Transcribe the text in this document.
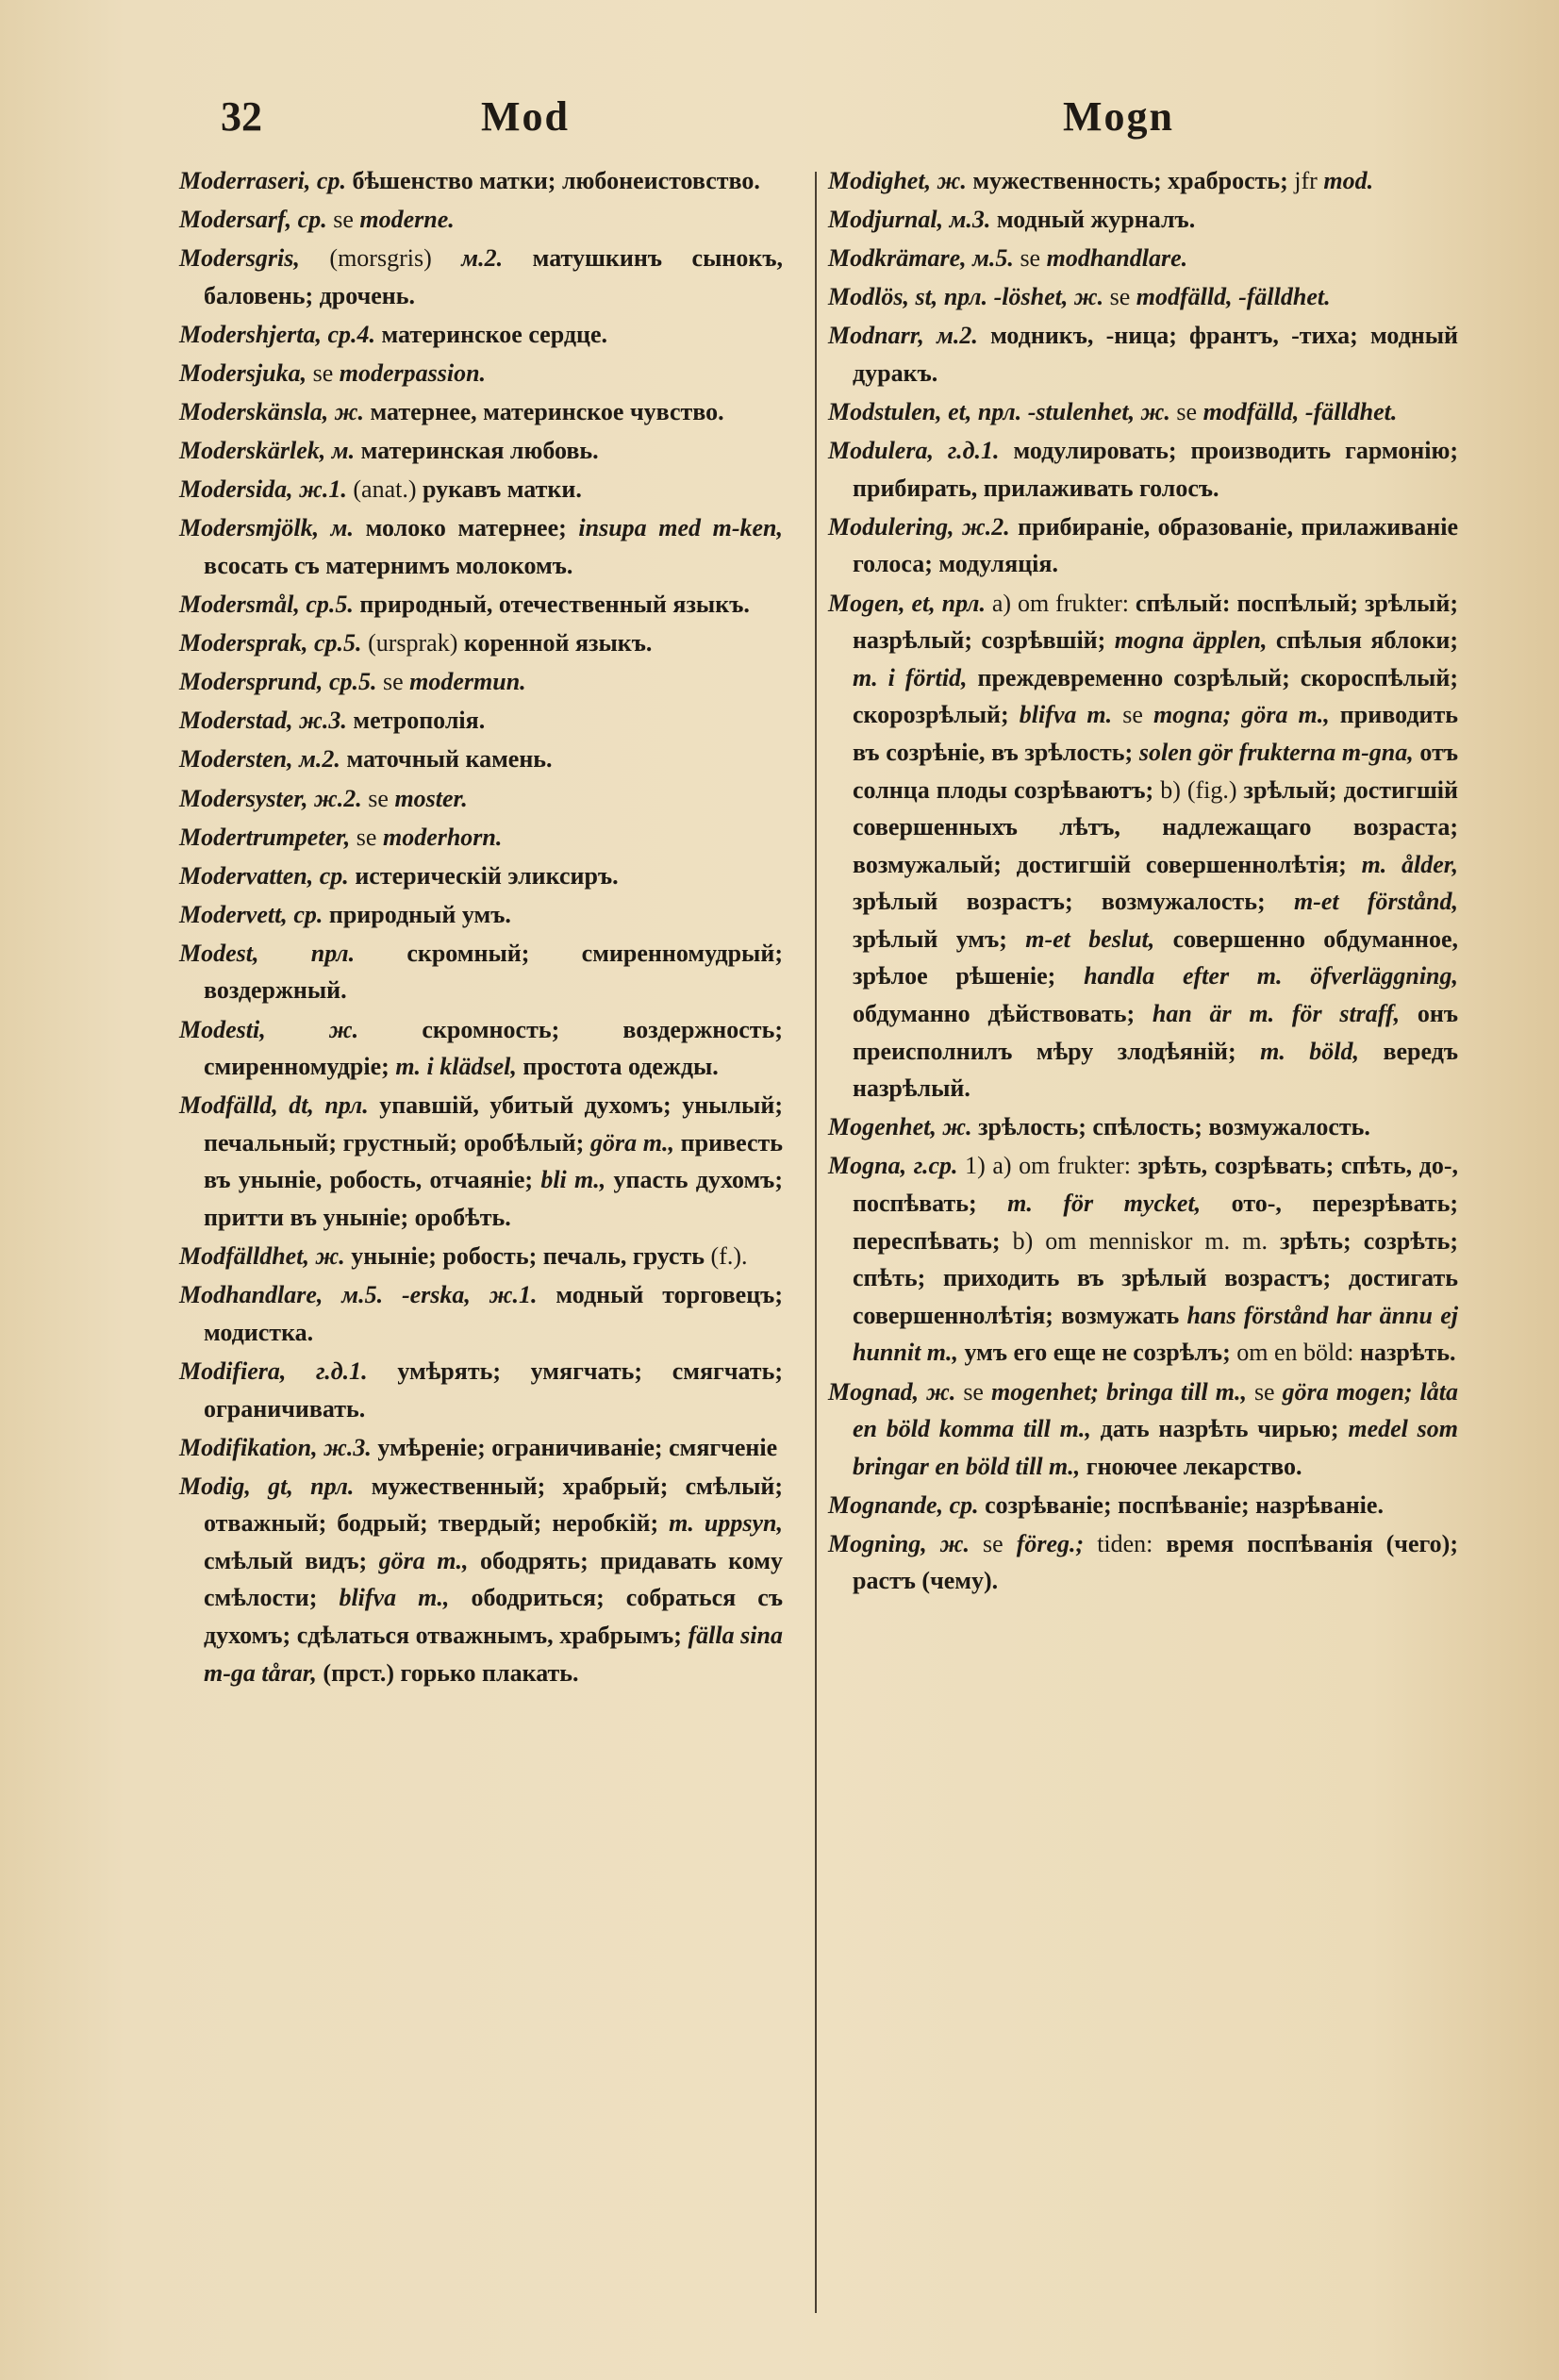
32	Mod	Mogn

Moderraseri, ср. бѣшенство матки; любонеистовство.

Modersarf, ср. se moderne.

Modersgris, (morsgris) м.2. матушкинъ сынокъ, баловень; дрочень.

Modershjerta, ср.4. материнское сердце.

Modersjuka, se moderpassion.

Moderskänsla, ж. матернее, материнское чувство.

Moderskärlek, м. материнская любовь.

Modersida, ж.1. (anat.) рукавъ матки.

Modersmjölk, м. молоко матернее; insupa med m-ken, всосать съ матернимъ молокомъ.

Modersmål, ср.5. природный, отечественный языкъ.

Modersprak, ср.5. (ursprak) коренной языкъ.

Modersprund, ср.5. se modermun.

Moderstad, ж.3. метрополія.

Modersten, м.2. маточный камень.

Modersyster, ж.2. se moster.

Modertrumpeter, se moderhorn.

Modervatten, ср. истерическій эликсиръ.

Modervett, ср. природный умъ.

Modest, прл. скромный; смиренномудрый; воздержный.

Modesti, ж. скромность; воздержность; смиренномудріе; m. i klädsel, простота одежды.

Modfälld, dt, прл. упавшій, убитый духомъ; унылый; печальный; грустный; оробѣлый; göra m., привесть въ уныніе, робость, отчаяніе; bli m., упасть духомъ; притти въ уныніе; оробѣть.

Modfälldhet, ж. уныніе; робость; печаль, грусть (f.).

Modhandlare, м.5. -erska, ж.1. модный торговецъ; модистка.

Modifiera, г.д.1. умѣрять; умягчать; смягчать; ограничивать.

Modifikation, ж.3. умѣреніе; ограничиваніе; смягченіе

Modig, gt, прл. мужественный; храбрый; смѣлый; отважный; бодрый; твердый; неробкій; m. uppsyn, смѣлый видъ; göra m., ободрять; придавать кому смѣлости; blifva m., ободриться; собраться съ духомъ; сдѣлаться отважнымъ, храбрымъ; fälla sina m-ga tårar, (прст.) горько плакать.

Modighet, ж. мужественность; храбрость; jfr mod.

Modjurnal, м.3. модный журналъ.

Modkrämare, м.5. se modhandlare.

Modlös, st, прл. -löshet, ж. se modfälld, -fälldhet.

Modnarr, м.2. модникъ, -ница; франтъ, -тиха; модный дуракъ.

Modstulen, et, прл. -stulenhet, ж. se modfälld, -fälldhet.

Modulera, г.д.1. модулировать; производить гармонію; прибирать, прилаживать голосъ.

Modulering, ж.2. прибираніе, образованіе, прилаживаніе голоса; модуляція.

Mogen, et, прл. а) om frukter: спѣлый: поспѣлый; зрѣлый; назрѣлый; созрѣвшій; mogna äpplen, спѣлыя яблоки; m. i förtid, преждевременно созрѣлый; скороспѣлый; скорозрѣлый; blifva m. se mogna; göra m., приводить въ созрѣніе, въ зрѣлость; solen gör frukterna m-gna, отъ солнца плоды созрѣваютъ; b) (fig.) зрѣлый; достигшій совершенныхъ лѣтъ, надлежащаго возраста; возмужалый; достигшій совершеннолѣтія; m. ålder, зрѣлый возрастъ; возмужалость; m-et förstånd, зрѣлый умъ; m-et beslut, совершенно обдуманное, зрѣлое рѣшеніе; handla efter m. öfverläggning, обдуманно дѣйствовать; han är m. för straff, онъ преисполнилъ мѣру злодѣяній; m. böld, вередъ назрѣлый.

Mogenhet, ж. зрѣлость; спѣлость; возмужалость.

Mogna, г.ср. 1) а) om frukter: зрѣть, созрѣвать; спѣть, до-, поспѣвать; m. för mycket, ото-, перезрѣвать; переспѣвать; b) om menniskor m. m. зрѣть; созрѣть; спѣть; приходить въ зрѣлый возрастъ; достигать совершеннолѣтія; возмужать hans förstånd har ännu ej hunnit m., умъ его еще не созрѣлъ; om en böld: назрѣть.

Mognad, ж. se mogenhet; bringa till m., se göra mogen; låta en böld komma till m., дать назрѣть чирью; medel som bringar en böld till m., гноючее лекарство.

Mognande, ср. созрѣваніе; поспѣваніе; назрѣваніе.

Mogning, ж. se föreg.; tiden: время поспѣванія (чего); растъ (чему).
